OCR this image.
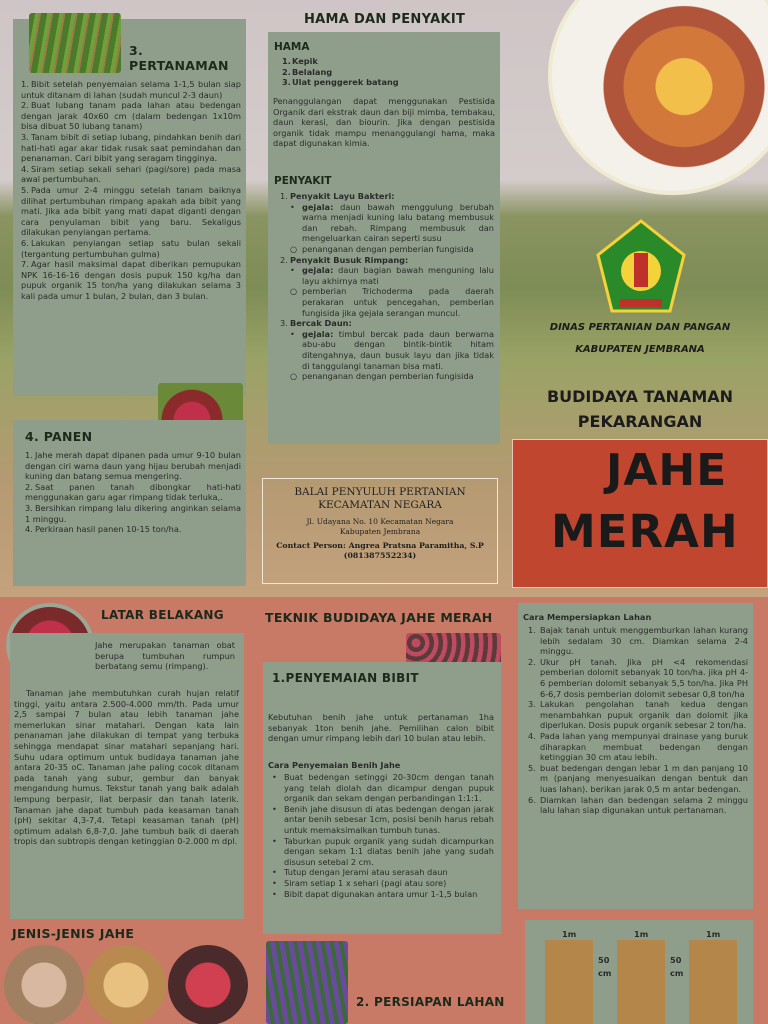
3. PERTANAMAN
1. Bibit setelah penyemaian selama 1-1,5 bulan siap untuk ditanam di lahan (sudah muncul 2-3 daun)
2. Buat lubang tanam pada lahan atau bedengan dengan jarak 40x60 cm (dalam bedengan 1x10m bisa dibuat 50 lubang tanam)
3. Tanam bibit di setiap lubang, pindahkan benih dari hati-hati agar akar tidak rusak saat pemindahan dan penanaman. Cari bibit yang seragam tingginya.
4. Siram setiap sekali sehari (pagi/sore) pada masa awal pertumbuhan.
5. Pada umur 2-4 minggu setelah tanam baiknya dilihat pertumbuhan rimpang apakah ada bibit yang mati. Jika ada bibit yang mati dapat diganti dengan cara penyulaman bibit yang baru. Sekaligus dilakukan penyiangan pertama.
6. Lakukan penyiangan setiap satu bulan sekali (tergantung pertumbuhan gulma)
7. Agar hasil maksimal dapat diberikan pemupukan NPK 16-16-16 dengan dosis pupuk 150 kg/ha dan pupuk organik 15 ton/ha yang dilakukan selama 3 kali pada umur 1 bulan, 2 bulan, dan 3 bulan.
4. PANEN
1. Jahe merah dapat dipanen pada umur 9-10 bulan dengan ciri warna daun yang hijau berubah menjadi kuning dan batang semua mengering.
2. Saat panen tanah dibongkar hati-hati menggunakan garu agar rimpang tidak terluka,.
3. Bersihkan rimpang lalu dikering anginkan selama 1 minggu.
4. Perkiraan hasil panen 10-15 ton/ha.
HAMA DAN PENYAKIT
HAMA
1.Kepik
2.Belalang
3.Ulat penggerek batang
Penanggulangan dapat menggunakan Pestisida Organik dari ekstrak daun dan biji mimba, tembakau, daun kerasi, dan biourin. Jika dengan pestisida organik tidak mampu menanggulangi hama, maka dapat digunakan kimia.
PENYAKIT
1. Penyakit Layu Bakteri:
• gejala: daun bawah menggulung berubah warna menjadi kuning lalu batang membusuk dan rebah. Rimpang membusuk dan mengeluarkan cairan seperti susu
○ penanganan dengan pemberian fungisida
2. Penyakit Busuk Rimpang:
• gejala: daun bagian bawah menguning lalu layu akhirnya mati
○ pemberian Trichoderma pada daerah perakaran untuk pencegahan, pemberian fungisida jika gejala serangan muncul.
3. Bercak Daun:
• gejala: timbul bercak pada daun berwarna abu-abu dengan bintik-bintik hitam ditengahnya, daun busuk layu dan jika tidak di tanggulangi tanaman bisa mati.
○ penanganan dengan pemberian fungisida
BALAI PENYULUH PERTANIAN KECAMATAN NEGARA
Jl. Udayana No. 10 Kecamatan Negara Kabupaten Jembrana
Contact Person: Angrea Pratsna Paramitha, S.P (081387552234)
DINAS PERTANIAN DAN PANGAN
KABUPATEN JEMBRANA
BUDIDAYA TANAMAN PEKARANGAN
JAHE
MERAH
LATAR BELAKANG
Jahe merupakan tanaman obat berupa tumbuhan rumpun berbatang semu (rimpang).
Tanaman jahe membutuhkan curah hujan relatif tinggi, yaitu antara 2.500-4.000 mm/th. Pada umur 2,5 sampai 7 bulan atau lebih tanaman jahe memerlukan sinar matahari. Dengan kata lain penanaman jahe dilakukan di tempat yang terbuka sehingga mendapat sinar matahari sepanjang hari. Suhu udara optimum untuk budidaya tanaman jahe antara 20-35 oC. Tanaman jahe paling cocok ditanam pada tanah yang subur, gembur dan banyak mengandung humus. Tekstur tanah yang baik adalah lempung berpasir, liat berpasir dan tanah laterik. Tanaman jahe dapat tumbuh pada keasaman tanah (pH) sekitar 4,3-7,4. Tetapi keasaman tanah (pH) optimum adalah 6,8-7,0. Jahe tumbuh baik di daerah tropis dan subtropis dengan ketinggian 0-2.000 m dpl.
JENIS-JENIS JAHE
TEKNIK BUDIDAYA JAHE MERAH
1.PENYEMAIAN BIBIT
Kebutuhan benih jahe untuk pertanaman 1ha sebanyak 1ton benih jahe. Pemilihan calon bibit dengan umur rimpang lebih dari 10 bulan atau lebih.
Cara Penyemaian Benih Jahe
• Buat bedengan setinggi 20-30cm dengan tanah yang telah diolah dan dicampur dengan pupuk organik dan sekam dengan perbandingan 1:1:1.
• Benih jahe disusun di atas bedengan dengan jarak antar benih sebesar 1cm, posisi benih harus rebah untuk memaksimalkan tumbuh tunas.
• Taburkan pupuk organik yang sudah dicampurkan dengan sekam 1:1 diatas benih jahe yang sudah disusun setebal 2 cm.
• Tutup dengan Jerami atau serasah daun
• Siram setiap 1 x sehari (pagi atau sore)
• Bibit dapat digunakan antara umur 1-1,5 bulan
2. PERSIAPAN LAHAN
Cara Mempersiapkan Lahan
1. Bajak tanah untuk menggemburkan lahan kurang lebih sedalam 30 cm. Diamkan selama 2-4 minggu.
2. Ukur pH tanah. Jika pH <4 rekomendasi pemberian dolomit sebanyak 10 ton/ha. jika pH 4-6 pemberian dolomit sebanyak 5,5 ton/ha. Jika PH 6-6,7 dosis pemberian dolomit sebesar 0,8 ton/ha
3. Lakukan pengolahan tanah kedua dengan menambahkan pupuk organik dan dolomit jika diperlukan. Dosis pupuk organik sebesar 2 ton/ha.
4. Pada lahan yang mempunyai drainase yang buruk diharapkan membuat bedengan dengan ketinggian 30 cm atau lebih.
5. buat bedengan dengan lebar 1 m dan panjang 10 m (panjang menyesuaikan dengan bentuk dan luas lahan). berikan jarak 0,5 m antar bedengan.
6. Diamkan lahan dan bedengan selama 2 minggu lalu lahan siap digunakan untuk pertanaman.
1m	1m	1m
50
cm
50
cm
